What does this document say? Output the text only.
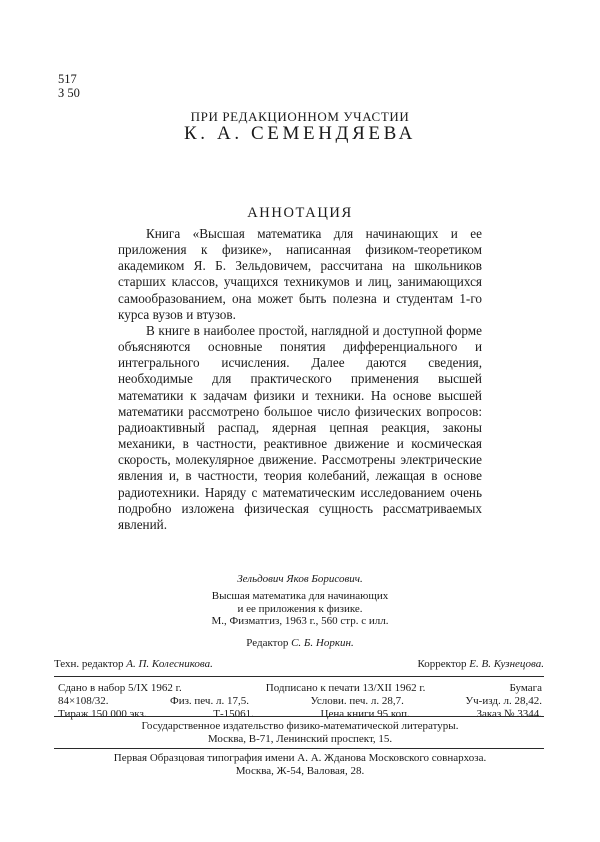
517
З 50
ПРИ РЕДАКЦИОННОМ УЧАСТИИ
К. А. СЕМЕНДЯЕВА
АННОТАЦИЯ

Книга «Высшая математика для начинающих и ее приложения к физике», написанная физиком-теоретиком академиком Я. Б. Зельдовичем, рассчитана на школьников старших классов, учащихся техникумов и лиц, занимающихся самообразованием, она может быть полезна и студентам 1-го курса вузов и втузов.

В книге в наиболее простой, наглядной и доступной форме объясняются основные понятия дифференциального и интегрального исчисления. Далее даются сведения, необходимые для практического применения высшей математики к задачам физики и техники. На основе высшей математики рассмотрено большое число физических вопросов: радиоактивный распад, ядерная цепная реакция, законы механики, в частности, реактивное движение и космическая скорость, молекулярное движение. Рассмотрены электрические явления и, в частности, теория колебаний, лежащая в основе радиотехники. Наряду с математическим исследованием очень подробно изложена физическая сущность рассматриваемых явлений.

Зельдович Яков Борисович.
Высшая математика для начинающих
и ее приложения к физике.
М., Физматгиз, 1963 г., 560 стр. с илл.
Редактор С. Б. Норкин.
Техн. редактор А. П. Колесникова.	Корректор Е. В. Кузнецова.
Сдано в набор 5/IX 1962 г.	Подписано к печати 13/XII 1962 г.	Бумага
84×108/32.	Физ. печ. л. 17,5.	Услови. печ. л. 28,7.	Уч-изд. л. 28,42.
Тираж 150 000 экз.	Т-15061.	Цена книги 95 коп.	Заказ № 3344.
Государственное издательство физико-математической литературы.
Москва, В-71, Ленинский проспект, 15.
Первая Образцовая типография имени А. А. Жданова Московского совнархоза.
Москва, Ж-54, Валовая, 28.
